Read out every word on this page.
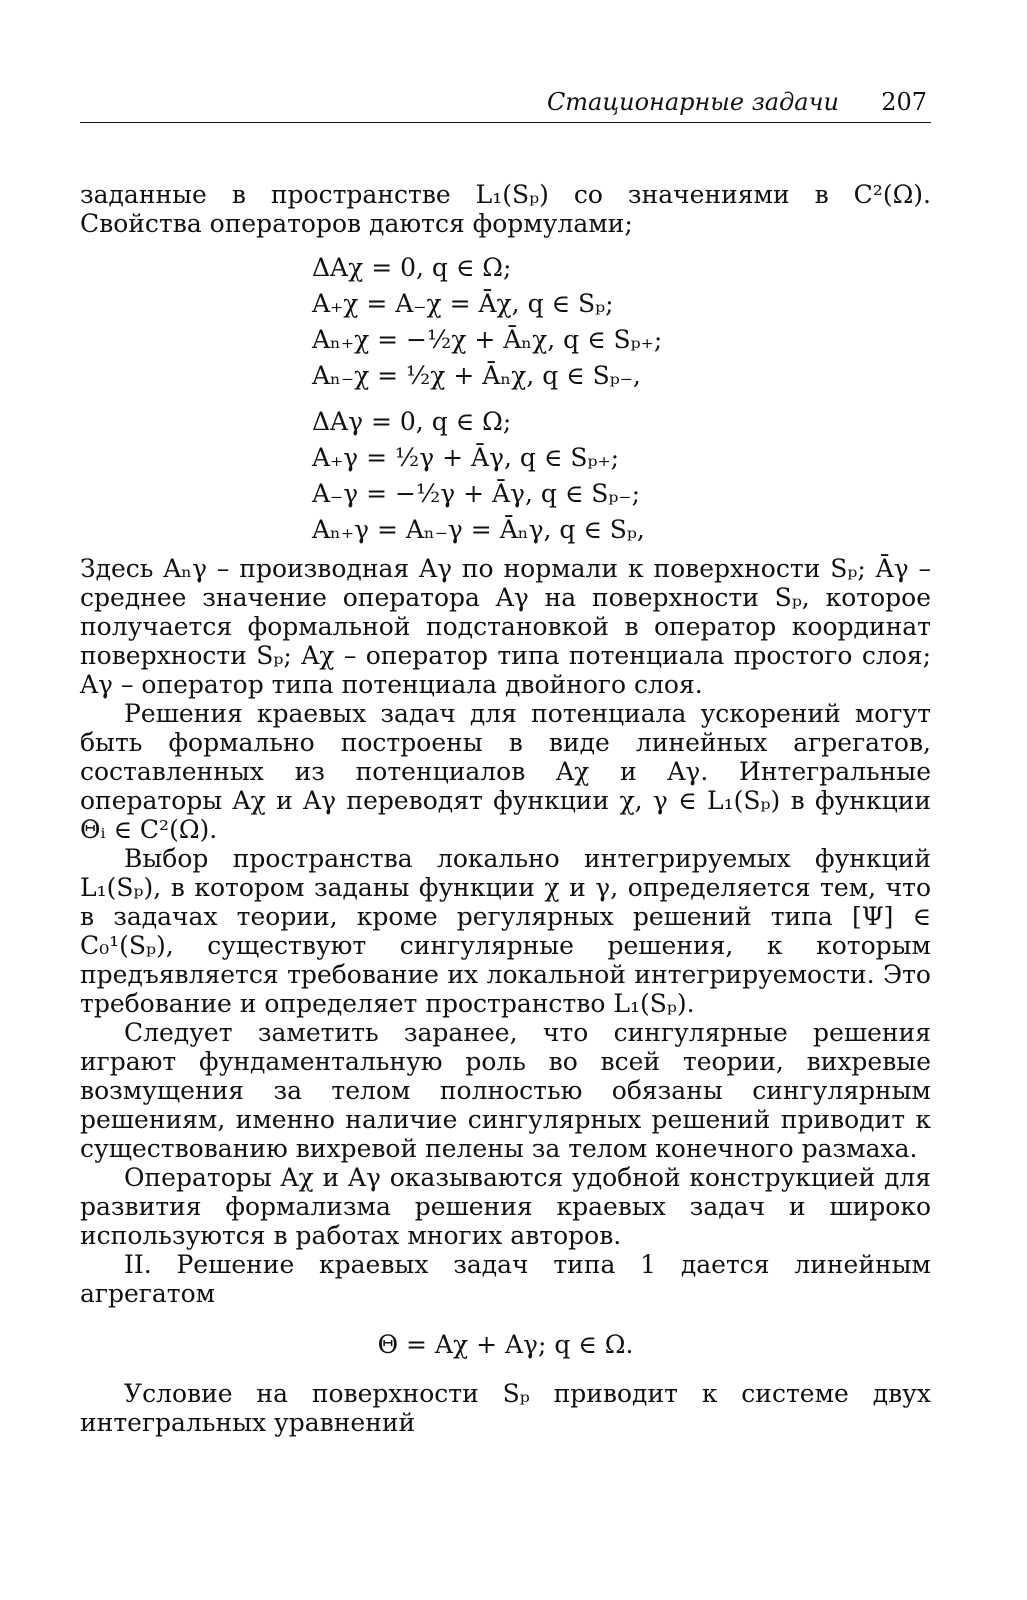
Стационарные задачи 207

заданные в пространстве L₁(Sₚ) со значениями в C²(Ω). Свойства операторов даются формулами;

ΔAχ = 0, q ∈ Ω;
A₊χ = A₋χ = Āχ, q ∈ Sₚ;
Aₙ₊χ = −½χ + Āₙχ, q ∈ Sₚ₊;
Aₙ₋χ = ½χ + Āₙχ, q ∈ Sₚ₋,
ΔAγ = 0, q ∈ Ω;
A₊γ = ½γ + Āγ, q ∈ Sₚ₊;
A₋γ = −½γ + Āγ, q ∈ Sₚ₋;
Aₙ₊γ = Aₙ₋γ = Āₙγ, q ∈ Sₚ,

Здесь Aₙγ – производная Aγ по нормали к поверхности Sₚ; Āγ – среднее значение оператора Aγ на поверхности Sₚ, которое получается формальной подстановкой в оператор координат поверхности Sₚ; Aχ – оператор типа потенциала простого слоя; Aγ – оператор типа потенциала двойного слоя.

Решения краевых задач для потенциала ускорений могут быть формально построены в виде линейных агрегатов, составленных из потенциалов Aχ и Aγ. Интегральные операторы Aχ и Aγ переводят функции χ, γ ∈ L₁(Sₚ) в функции Θᵢ ∈ C²(Ω).

Выбор пространства локально интегрируемых функций L₁(Sₚ), в котором заданы функции χ и γ, определяется тем, что в задачах теории, кроме регулярных решений типа [Ψ] ∈ C₀¹(Sₚ), существуют сингулярные решения, к которым предъявляется требование их локальной интегрируемости. Это требование и определяет пространство L₁(Sₚ).

Следует заметить заранее, что сингулярные решения играют фундаментальную роль во всей теории, вихревые возмущения за телом полностью обязаны сингулярным решениям, именно наличие сингулярных решений приводит к существованию вихревой пелены за телом конечного размаха.

Операторы Aχ и Aγ оказываются удобной конструкцией для развития формализма решения краевых задач и широко используются в работах многих авторов.

II. Решение краевых задач типа 1 дается линейным агрегатом

Θ = Aχ + Aγ; q ∈ Ω.

Условие на поверхности Sₚ приводит к системе двух интегральных уравнений
